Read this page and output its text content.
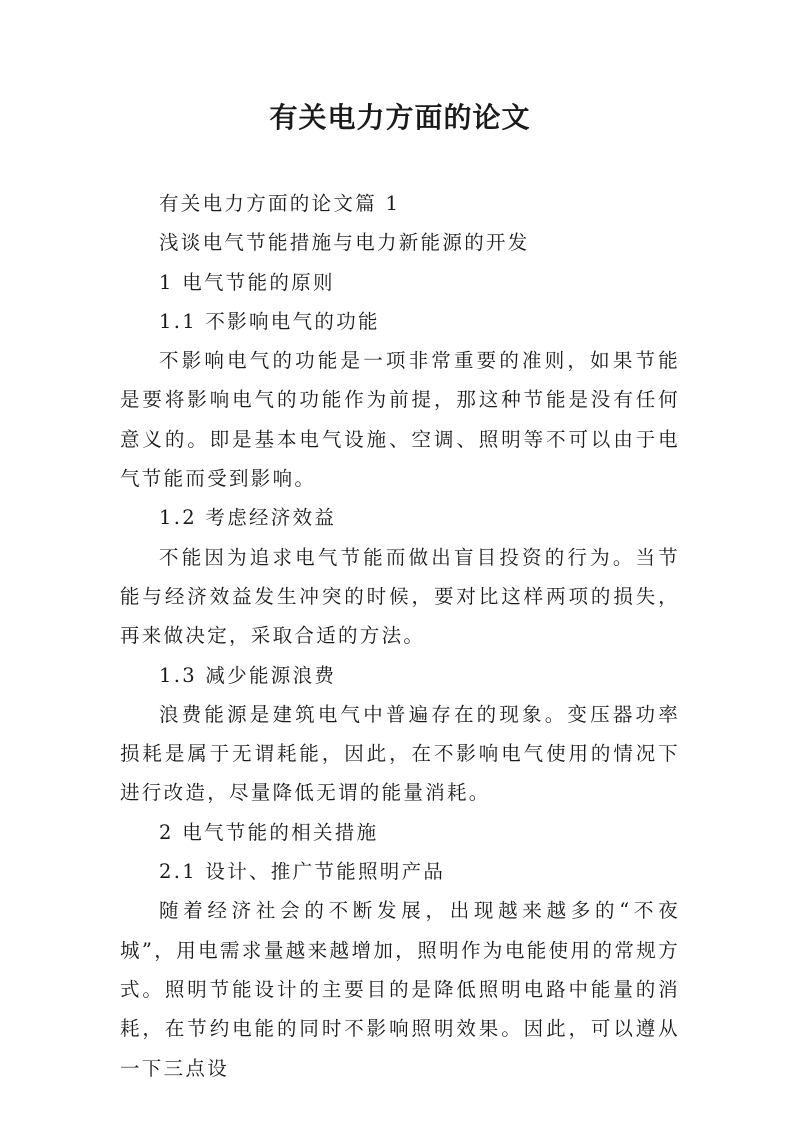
有关电力方面的论文

有关电力方面的论文篇 1

浅谈电气节能措施与电力新能源的开发

1 电气节能的原则

1.1 不影响电气的功能

不影响电气的功能是一项非常重要的准则，如果节能是要将影响电气的功能作为前提，那这种节能是没有任何意义的。即是基本电气设施、空调、照明等不可以由于电气节能而受到影响。

1.2 考虑经济效益

不能因为追求电气节能而做出盲目投资的行为。当节能与经济效益发生冲突的时候，要对比这样两项的损失，再来做决定，采取合适的方法。

1.3 减少能源浪费

浪费能源是建筑电气中普遍存在的现象。变压器功率损耗是属于无谓耗能，因此，在不影响电气使用的情况下进行改造，尽量降低无谓的能量消耗。

2 电气节能的相关措施

2.1 设计、推广节能照明产品

随着经济社会的不断发展，出现越来越多的“不夜城”，用电需求量越来越增加，照明作为电能使用的常规方式。照明节能设计的主要目的是降低照明电路中能量的消耗，在节约电能的同时不影响照明效果。因此，可以遵从一下三点设
